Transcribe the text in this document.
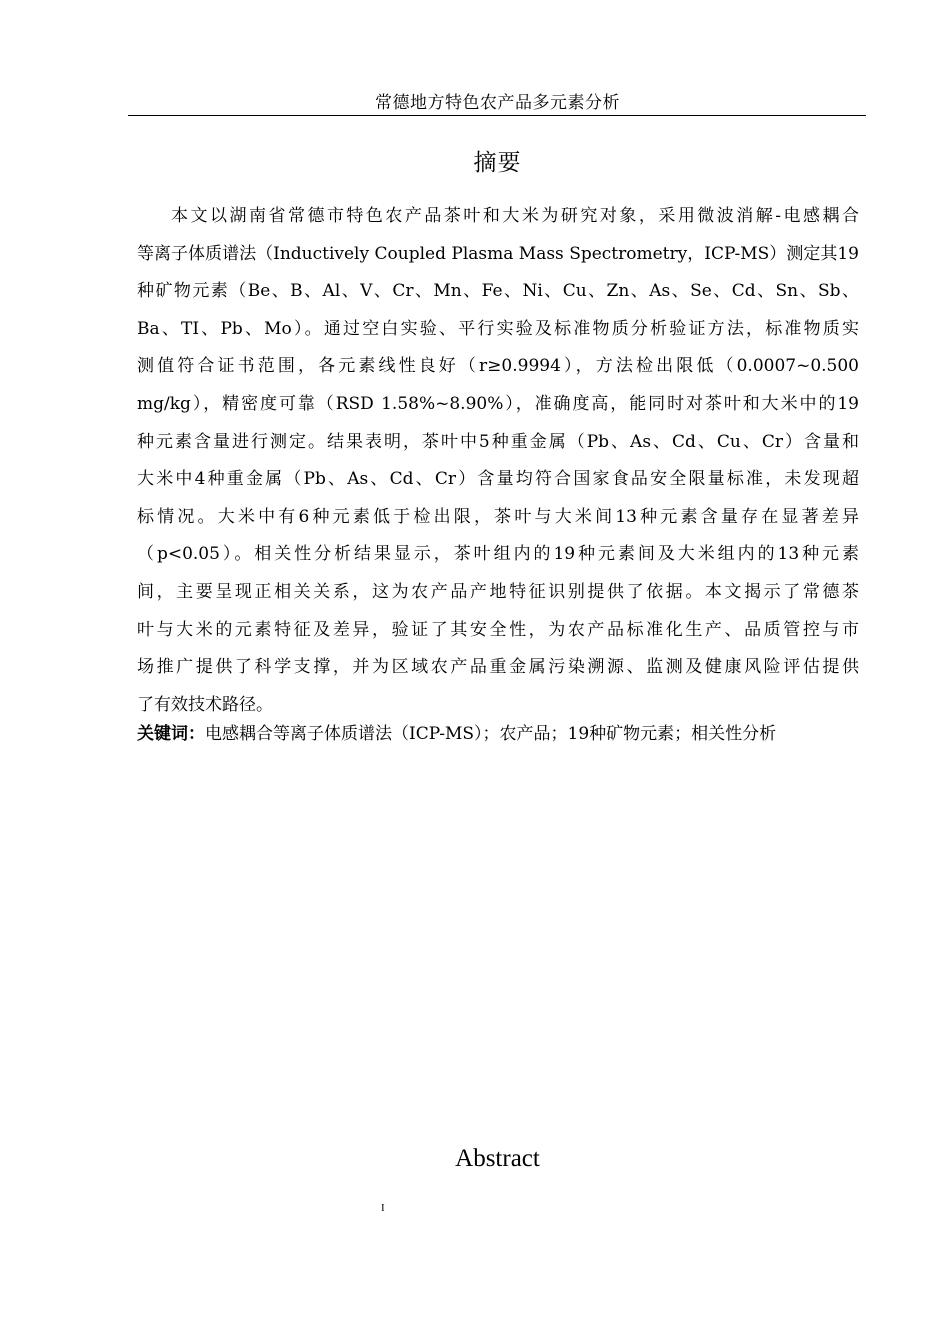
常德地方特色农产品多元素分析
摘要
本文以湖南省常德市特色农产品茶叶和大米为研究对象，采用微波消解-电感耦合
等离子体质谱法（Inductively Coupled Plasma Mass Spectrometry，ICP-MS）测定其19
种矿物元素（Be、B、Al、V、Cr、Mn、Fe、Ni、Cu、Zn、As、Se、Cd、Sn、Sb、
Ba、TI、Pb、Mo）。通过空白实验、平行实验及标准物质分析验证方法，标准物质实
测值符合证书范围，各元素线性良好（r≥0.9994），方法检出限低（0.0007~0.500
mg/kg），精密度可靠（RSD 1.58%~8.90%），准确度高，能同时对茶叶和大米中的19
种元素含量进行测定。结果表明，茶叶中5种重金属（Pb、As、Cd、Cu、Cr）含量和
大米中4种重金属（Pb、As、Cd、Cr）含量均符合国家食品安全限量标准，未发现超
标情况。大米中有6种元素低于检出限，茶叶与大米间13种元素含量存在显著差异
（p<0.05）。相关性分析结果显示，茶叶组内的19种元素间及大米组内的13种元素
间，主要呈现正相关关系，这为农产品产地特征识别提供了依据。本文揭示了常德茶
叶与大米的元素特征及差异，验证了其安全性，为农产品标准化生产、品质管控与市
场推广提供了科学支撑，并为区域农产品重金属污染溯源、监测及健康风险评估提供
了有效技术路径。
关键词：电感耦合等离子体质谱法（ICP-MS）；农产品；19种矿物元素；相关性分析
Abstract
I
